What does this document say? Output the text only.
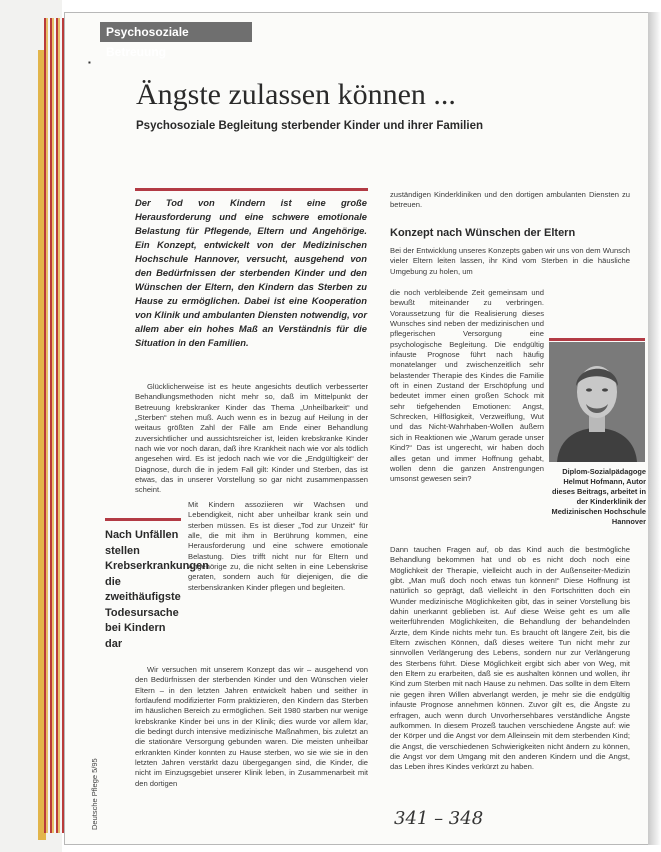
Psychosoziale Betreuung
▪
Ängste zulassen können ...
Psychosoziale Begleitung sterbender Kinder und ihrer Familien

Der Tod von Kindern ist eine große Herausforderung und eine schwere emotionale Belastung für Pflegende, Eltern und Angehörige. Ein Konzept, entwickelt von der Medizinischen Hochschule Hannover, versucht, ausgehend von den Bedürfnissen der sterbenden Kinder und den Wünschen der Eltern, den Kindern das Sterben zu Hause zu ermöglichen. Dabei ist eine Kooperation von Klinik und ambulanten Diensten notwendig, vor allem aber ein hohes Maß an Verständnis für die Situation in den Familien.

Glücklicherweise ist es heute angesichts deutlich verbesserter Behandlungsmethoden nicht mehr so, daß im Mittelpunkt der Betreuung krebskranker Kinder das Thema „Unheilbarkeit“ und „Sterben“ stehen muß. Auch wenn es in bezug auf Heilung in der weitaus größten Zahl der Fälle am Ende einer Behandlung zuversichtlicher und aussichtsreicher ist, leiden krebskranke Kinder nach wie vor noch daran, daß ihre Krankheit nach wie vor als tödlich angesehen wird. Es ist jedoch nach wie vor die „Endgültigkeit“ der Diagnose, durch die in jedem Fall gilt: Kinder und Sterben, das ist etwas, das in unserer Vorstellung so gar nicht zusammenpassen scheint.

Nach Unfällen stellen Krebserkrankungen die zweithäufigste Todesursache bei Kindern dar

Mit Kindern assoziieren wir Wachsen und Lebendigkeit, nicht aber unheilbar krank sein und sterben müssen. Es ist dieser „Tod zur Unzeit“ für alle, die mit ihm in Berührung kommen, eine Herausforderung und eine schwere emotionale Belastung. Dies trifft nicht nur für Eltern und Angehörige zu, die nicht selten in eine Lebenskrise geraten, sondern auch für diejenigen, die die sterbenskranken Kinder pflegen und begleiten.

Wir versuchen mit unserem Konzept das wir – ausgehend von den Bedürfnissen der sterbenden Kinder und den Wünschen vieler Eltern – in den letzten Jahren entwickelt haben und seither in fortlaufend modifizierter Form praktizieren, den Kindern das Sterben im häuslichen Bereich zu ermöglichen. Seit 1980 starben nur wenige krebskranke Kinder bei uns in der Klinik; dies wurde vor allem klar, die bedingt durch intensive medizinische Maßnahmen, bis zuletzt an die stationäre Versorgung gebunden waren. Die meisten unheilbar erkrankten Kinder konnten zu Hause sterben, wo sie wie sie in den letzten Jahren verstärkt dazu übergegangen sind, die Kinder, die nicht im Einzugsgebiet unserer Klinik leben, in Zusammenarbeit mit den dortigen

zuständigen Kinderkliniken und den dortigen ambulanten Diensten zu betreuen.

Konzept nach Wünschen der Eltern

Bei der Entwicklung unseres Konzepts gaben wir uns von dem Wunsch vieler Eltern leiten lassen, ihr Kind vom Sterben in die häusliche Umgebung zu holen, um

die noch verbleibende Zeit gemeinsam und bewußt miteinander zu verbringen. Voraussetzung für die Realisierung dieses Wunsches sind neben der medizinischen und pflegerischen Versorgung eine psychologische Begleitung. Die endgültig infauste Prognose führt nach häufig monatelanger und zwischenzeitlich sehr belastender Therapie des Kindes die Familie oft in einen Zustand der Erschöpfung und bedeutet immer einen großen Schock mit sehr tiefgehenden Emotionen: Angst, Schrecken, Hilflosigkeit, Verzweiflung, Wut und das Nicht-Wahrhaben-Wollen äußern sich in Reaktionen wie „Warum gerade unser Kind?“ Das ist ungerecht, wir haben doch alles getan und immer Hoffnung gehabt, wollen denn die ganzen Anstrengungen umsonst gewesen sein?

Diplom-Sozialpädagoge Helmut Hofmann, Autor dieses Beitrags, arbeitet in der Kinderklinik der Medizinischen Hochschule Hannover

Dann tauchen Fragen auf, ob das Kind auch die bestmögliche Behandlung bekommen hat und ob es nicht doch noch eine Möglichkeit der Therapie, vielleicht auch in der Außenseiter-Medizin gibt. „Man muß doch noch etwas tun können!“ Diese Hoffnung ist natürlich so geprägt, daß vielleicht in den Fortschritten doch ein Wunder medizinische Möglichkeiten gibt, das in seiner Vorstellung bis dahin unerkannt geblieben ist. Auf diese Weise geht es um alle weiterführenden Möglichkeiten, die Behandlung der behandelnden Ärzte, dem Kinde nichts mehr tun. Es braucht oft längere Zeit, bis die Eltern zwischen Können, daß dieses weitere Tun nicht mehr zur sinnvollen Verlängerung des Lebens, sondern nur zur Verlängerung des Sterbens führt. Diese Möglichkeit ergibt sich aber von Weg, mit den Eltern zu erarbeiten, daß sie es aushalten können und wollen, ihr Kind zum Sterben mit nach Hause zu nehmen. Das sollte in dem Eltern nie gegen ihren Willen abverlangt werden, je mehr sie die endgültig infauste Prognose annehmen können. Zuvor gilt es, die Ängste zu erfragen, auch wenn durch Unvorhersehbares verständliche Ängste aufkommen. In diesem Prozeß tauchen verschiedene Ängste auf: wie der Körper und die Angst vor dem Alleinsein mit dem sterbenden Kind; die Angst, die verschiedenen Schwierigkeiten nicht ändern zu können, die Angst vor dem Umgang mit den anderen Kindern und die Angst, das Leben ihres Kindes verkürzt zu haben.

Deutsche Pflege 5/95	341 – 348
